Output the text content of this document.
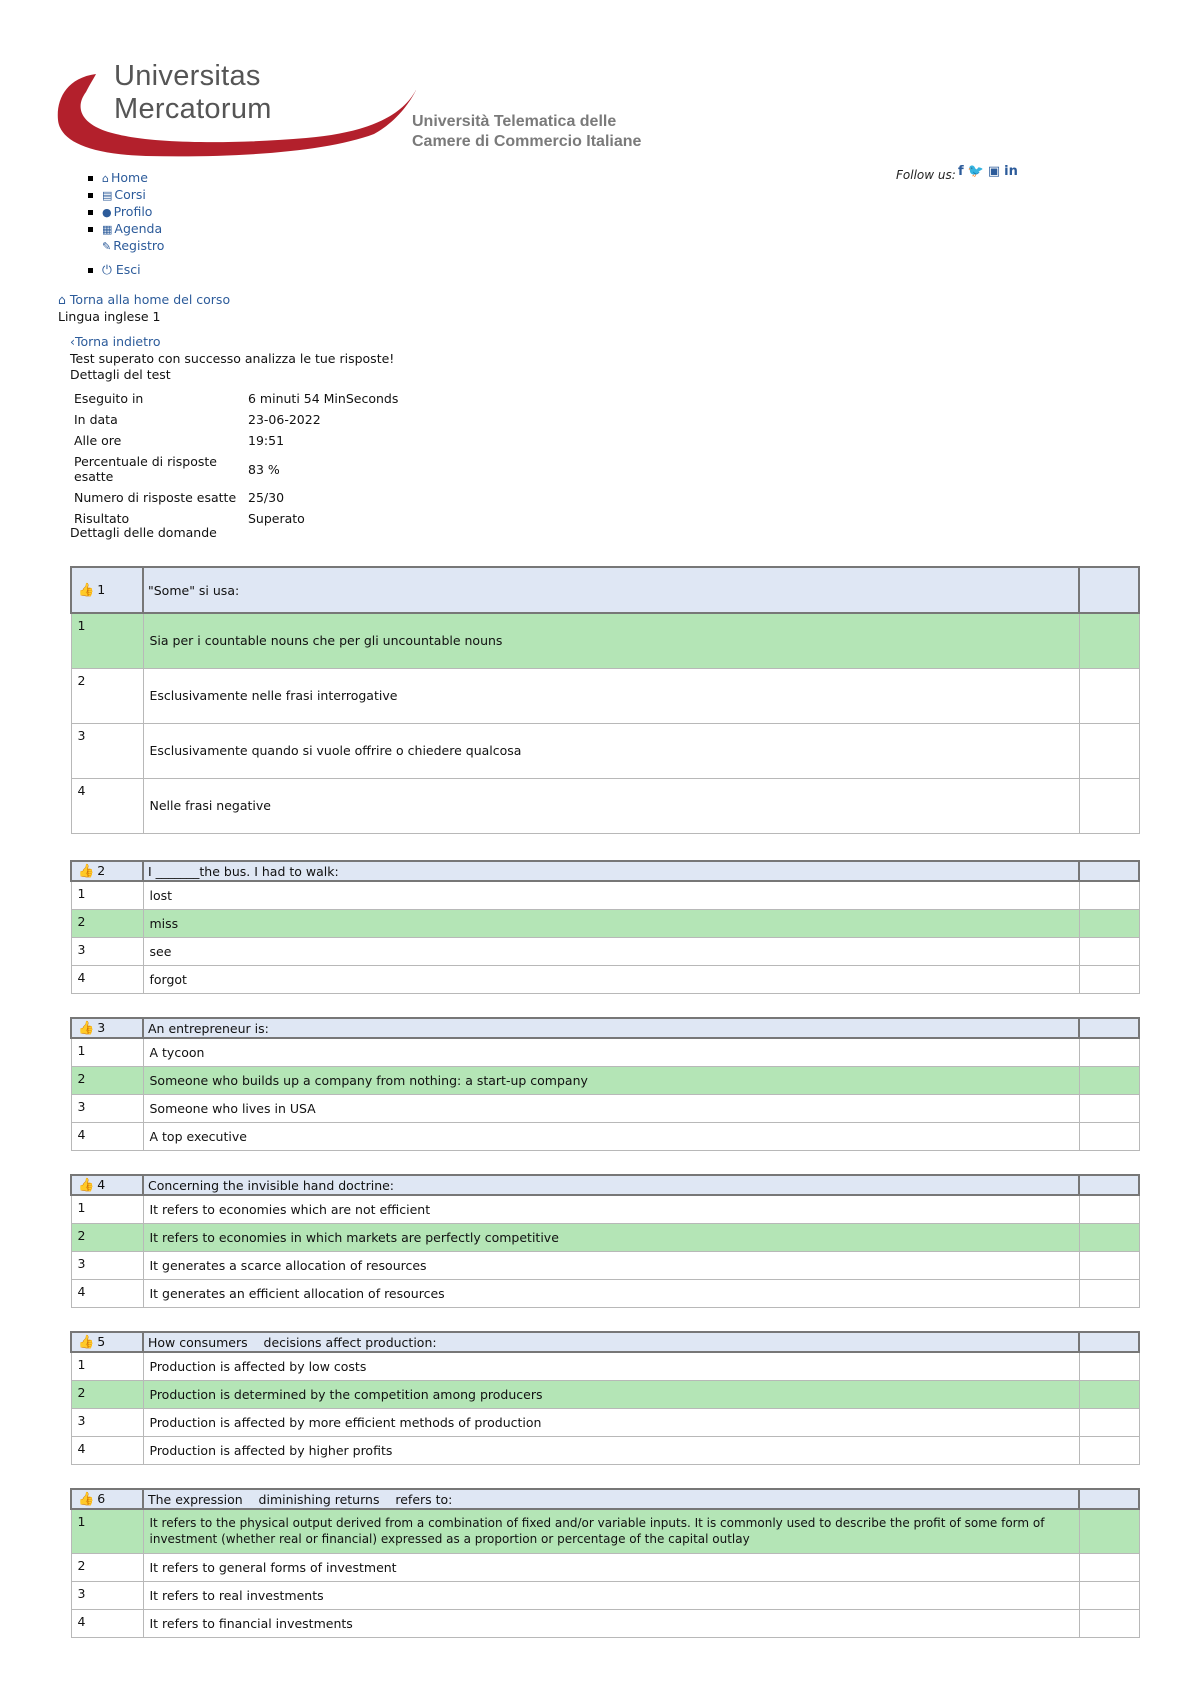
Universitas
Mercatorum	Università Telematica delle
Camere di Commercio Italiane
⌂ Home
▤ Corsi
● Profilo
▦ Agenda
✎ Registro
⏻ Esci
Follow us: f 🐦 ▣ in
⌂ Torna alla home del corso
Lingua inglese 1
‹Torna indietro
Test superato con successo analizza le tue risposte!
Dettagli del test
Eseguito in	6 minuti 54 MinSeconds
In data	23-06-2022
Alle ore	19:51
Percentuale di risposte esatte	83 %
Numero di risposte esatte	25/30
Risultato	Superato
Dettagli delle domande
👍 1	"Some" si usa:	
1	Sia per i countable nouns che per gli uncountable nouns	
2	Esclusivamente nelle frasi interrogative	
3	Esclusivamente quando si vuole offrire o chiedere qualcosa	
4	Nelle frasi negative	
👍 2	I _______the bus. I had to walk:	
1	lost	
2	miss	
3	see	
4	forgot	
👍 3	An entrepreneur is:	
1	A tycoon	
2	Someone who builds up a company from nothing: a start-up company	
3	Someone who lives in USA	
4	A top executive	
👍 4	Concerning the invisible hand doctrine:	
1	It refers to economies which are not efficient	
2	It refers to economies in which markets are perfectly competitive	
3	It generates a scarce allocation of resources	
4	It generates an efficient allocation of resources	
👍 5	How consumers    decisions affect production:	
1	Production is affected by low costs	
2	Production is determined by the competition among producers	
3	Production is affected by more efficient methods of production	
4	Production is affected by higher profits	
👍 6	The expression    diminishing returns    refers to:	
1	It refers to the physical output derived from a combination of fixed and/or variable inputs. It is commonly used to describe the profit of some form of investment (whether real or financial) expressed as a proportion or percentage of the capital outlay	
2	It refers to general forms of investment	
3	It refers to real investments	
4	It refers to financial investments	
